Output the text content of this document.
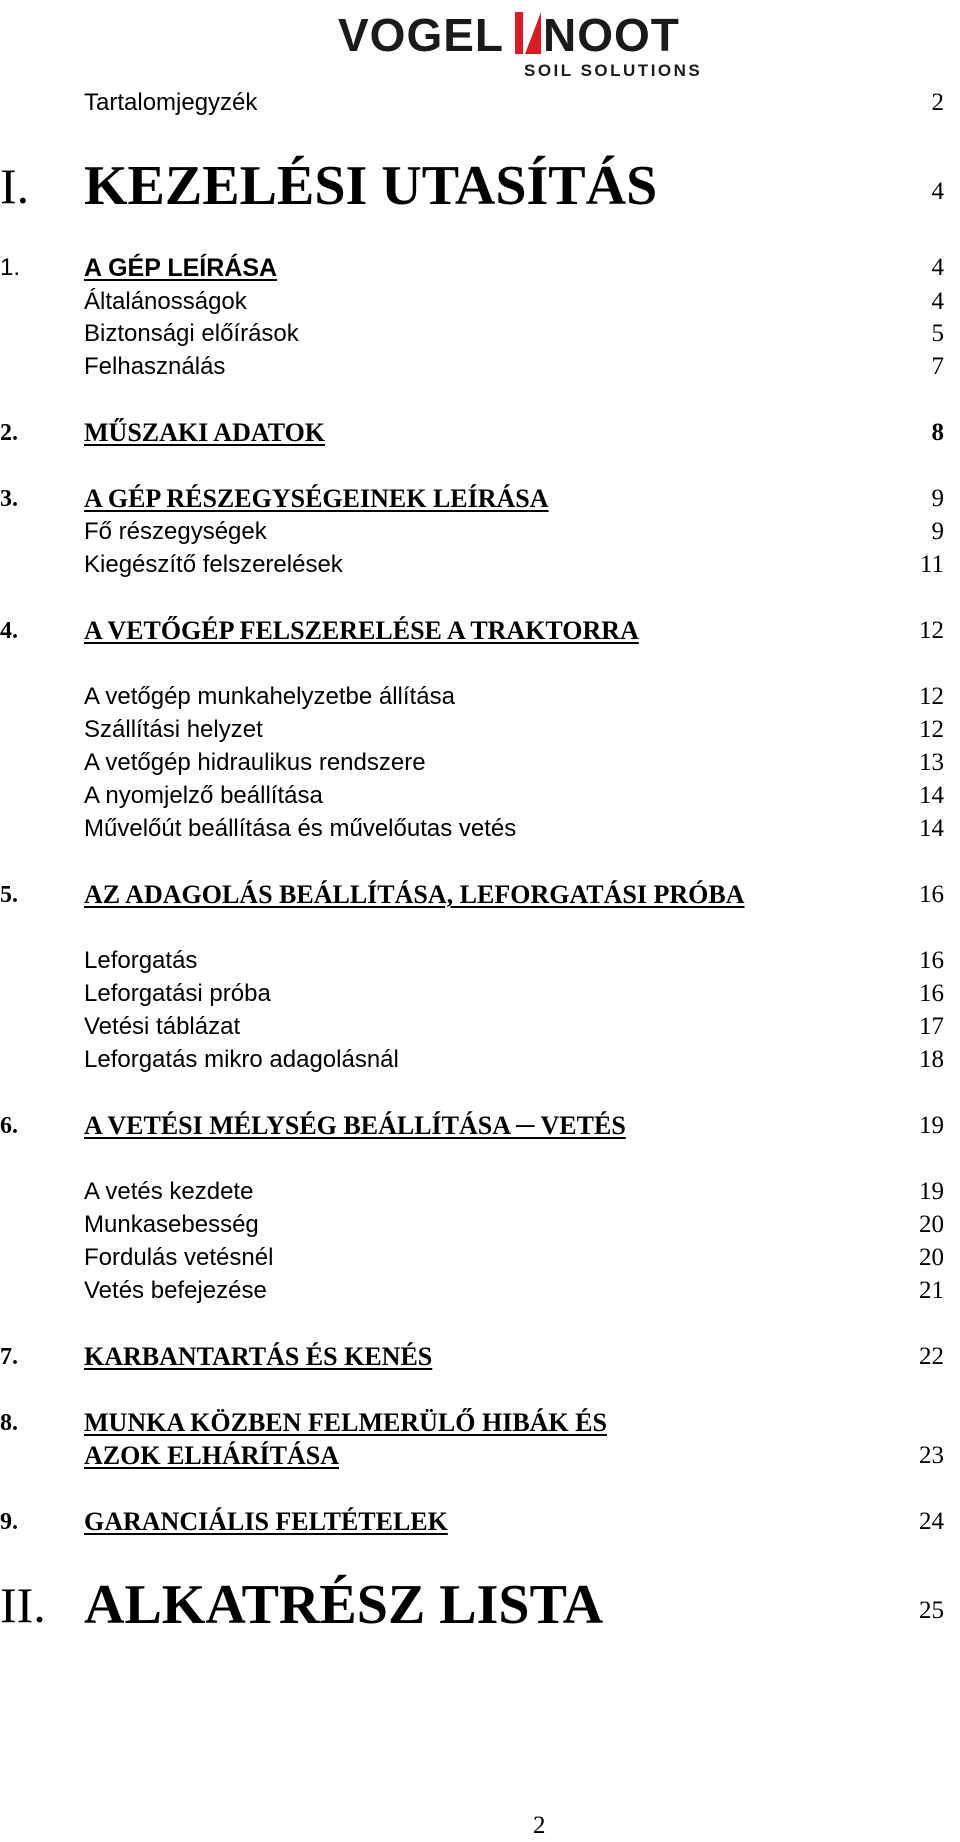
VOGEL NOOT
SOIL SOLUTIONS
Tartalomjegyzék	2
I. KEZELÉSI UTASÍTÁS	4
1.	A GÉP LEÍRÁSA	4
Általánosságok	4
Biztonsági előírások	5
Felhasználás	7
2.	MŰSZAKI ADATOK	8
3.	A GÉP RÉSZEGYSÉGEINEK LEÍRÁSA	9
Fő részegységek	9
Kiegészítő felszerelések	11
4.	A VETŐGÉP FELSZERELÉSE A TRAKTORRA	12
A vetőgép munkahelyzetbe állítása	12
Szállítási helyzet	12
A vetőgép hidraulikus rendszere	13
A nyomjelző beállítása	14
Művelőút beállítása és művelőutas vetés	14
5.	AZ ADAGOLÁS BEÁLLÍTÁSA, LEFORGATÁSI PRÓBA	16
Leforgatás	16
Leforgatási próba	16
Vetési táblázat	17
Leforgatás mikro adagolásnál	18
6.	A VETÉSI MÉLYSÉG BEÁLLÍTÁSA ─ VETÉS	19
A vetés kezdete	19
Munkasebesség	20
Fordulás vetésnél	20
Vetés befejezése	21
7.	KARBANTARTÁS ÉS KENÉS	22
8.	MUNKA KÖZBEN FELMERÜLŐ HIBÁK ÉS
AZOK ELHÁRÍTÁSA	23
9.	GARANCIÁLIS FELTÉTELEK	24
II. ALKATRÉSZ LISTA	25
2
